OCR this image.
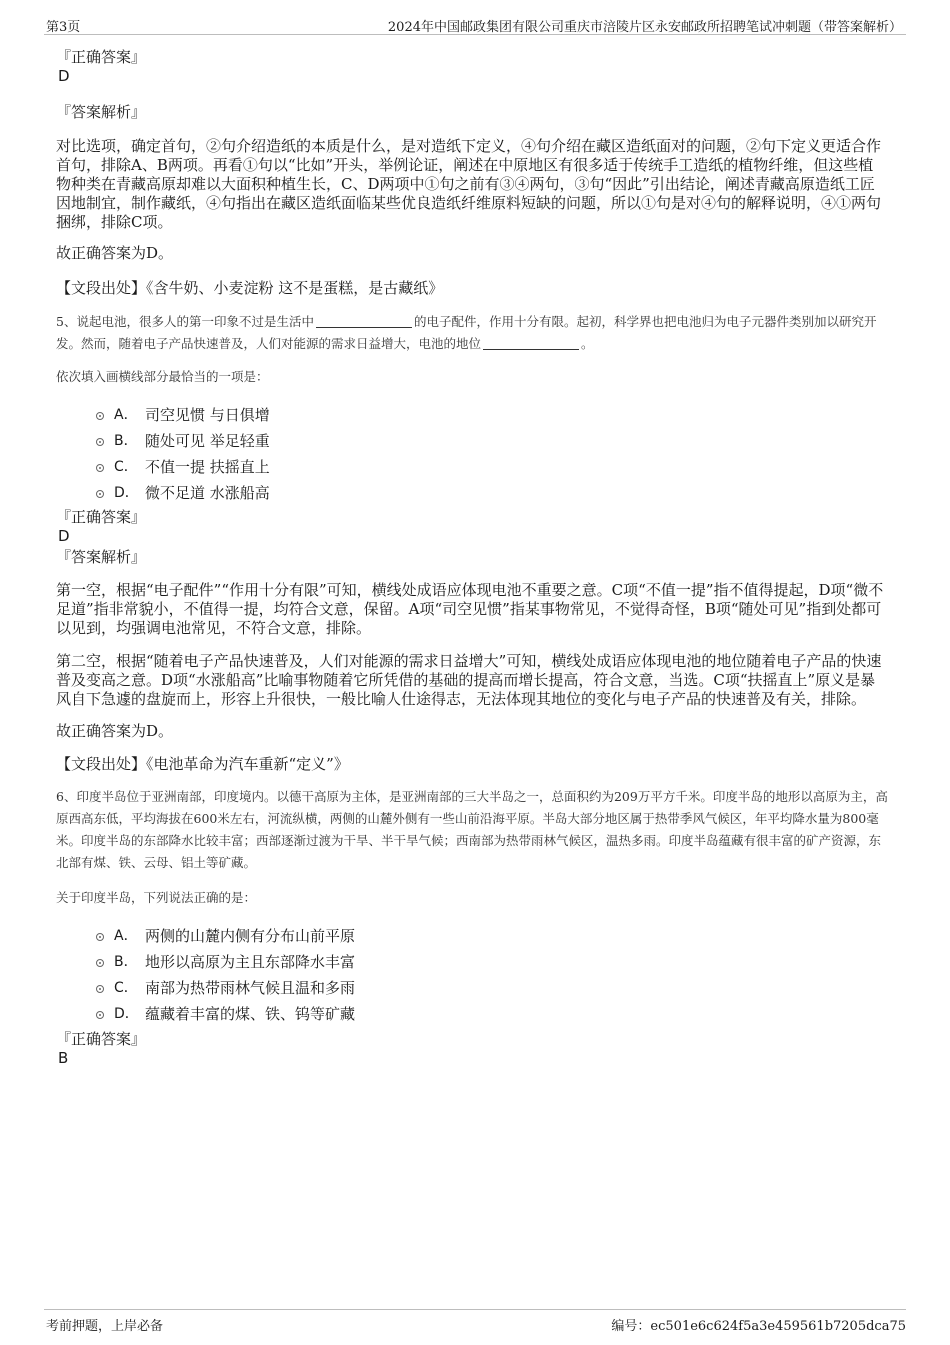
第3页	2024年中国邮政集团有限公司重庆市涪陵片区永安邮政所招聘笔试冲刺题（带答案解析）
『正确答案』
D
『答案解析』
对比选项，确定首句，②句介绍造纸的本质是什么，是对造纸下定义，④句介绍在藏区造纸面对的问题，②句下定义更适合作首句，排除A、B两项。再看①句以“比如”开头，举例论证，阐述在中原地区有很多适于传统手工造纸的植物纤维，但这些植物种类在青藏高原却难以大面积种植生长，C、D两项中①句之前有③④两句，③句“因此”引出结论，阐述青藏高原造纸工匠因地制宜，制作藏纸，④句指出在藏区造纸面临某些优良造纸纤维原料短缺的问题，所以①句是对④句的解释说明，④①两句捆绑，排除C项。
故正确答案为D。
【文段出处】《含牛奶、小麦淀粉 这不是蛋糕，是古藏纸》
5、说起电池，很多人的第一印象不过是生活中	的电子配件，作用十分有限。起初，科学界也把电池归为电子元器件类别加以研究开发。然而，随着电子产品快速普及，人们对能源的需求日益增大，电池的地位	。
依次填入画横线部分最恰当的一项是：
A． 司空见惯 与日俱增
B． 随处可见 举足轻重
C． 不值一提 扶摇直上
D． 微不足道 水涨船高
『正确答案』
D
『答案解析』
第一空，根据“电子配件”“作用十分有限”可知，横线处成语应体现电池不重要之意。C项“不值一提”指不值得提起，D项“微不足道”指非常貌小，不值得一提，均符合文意，保留。A项“司空见惯”指某事物常见，不觉得奇怪，B项“随处可见”指到处都可以见到，均强调电池常见，不符合文意，排除。
第二空，根据“随着电子产品快速普及，人们对能源的需求日益增大”可知，横线处成语应体现电池的地位随着电子产品的快速普及变高之意。D项“水涨船高”比喻事物随着它所凭借的基础的提高而增长提高，符合文意，当选。C项“扶摇直上”原义是暴风自下急遽的盘旋而上，形容上升很快，一般比喻人仕途得志，无法体现其地位的变化与电子产品的快速普及有关，排除。
故正确答案为D。
【文段出处】《电池革命为汽车重新“定义”》
6、印度半岛位于亚洲南部，印度境内。以德干高原为主体，是亚洲南部的三大半岛之一，总面积约为209万平方千米。印度半岛的地形以高原为主，高原西高东低，平均海拔在600米左右，河流纵横，两侧的山麓外侧有一些山前沿海平原。半岛大部分地区属于热带季风气候区，年平均降水量为800毫米。印度半岛的东部降水比较丰富；西部逐渐过渡为干旱、半干旱气候；西南部为热带雨林气候区，温热多雨。印度半岛蕴藏有很丰富的矿产资源，东北部有煤、铁、云母、铝土等矿藏。
关于印度半岛，下列说法正确的是：
A． 两侧的山麓内侧有分布山前平原
B． 地形以高原为主且东部降水丰富
C． 南部为热带雨林气候且温和多雨
D． 蕴藏着丰富的煤、铁、钨等矿藏
『正确答案』
B
考前押题，上岸必备	编号：ec501e6c624f5a3e459561b7205dca75
